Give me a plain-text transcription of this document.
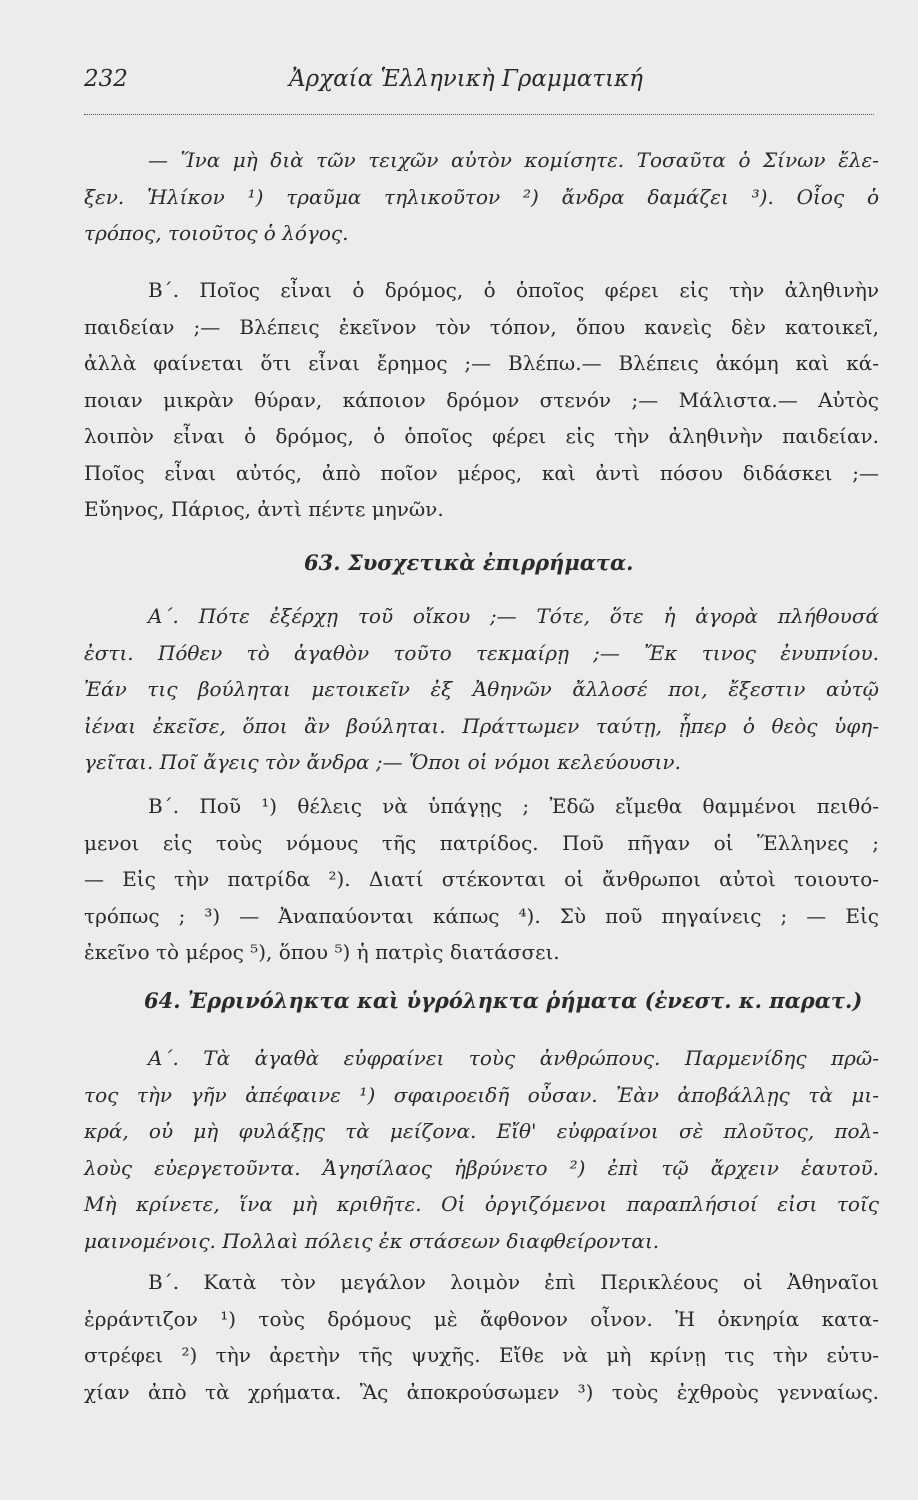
232	Ἀρχαία Ἑλληνικὴ Γραμματική
— Ἵνα μὴ διὰ τῶν τειχῶν αὐτὸν κομίσητε. Τοσαῦτα ὁ Σίνων ἔλε-
ξεν. Ἡλίκον ¹) τραῦμα τηλικοῦτον ²) ἄνδρα δαμάζει ³). Οἷος ὁ
τρόπος, τοιοῦτος ὁ λόγος.
Β΄. Ποῖος εἶναι ὁ δρόμος, ὁ ὁποῖος φέρει εἰς τὴν ἀληθινὴν
παιδείαν ;— Βλέπεις ἐκεῖνον τὸν τόπον, ὅπου κανεὶς δὲν κατοικεῖ,
ἀλλὰ φαίνεται ὅτι εἶναι ἔρημος ;— Βλέπω.— Βλέπεις ἀκόμη καὶ κά-
ποιαν μικρὰν θύραν, κάποιον δρόμον στενόν ;— Μάλιστα.— Αὐτὸς
λοιπὸν εἶναι ὁ δρόμος, ὁ ὁποῖος φέρει εἰς τὴν ἀληθινὴν παιδείαν.
Ποῖος εἶναι αὐτός, ἀπὸ ποῖον μέρος, καὶ ἀντὶ πόσου διδάσκει ;—
Εὔηνος, Πάριος, ἀντὶ πέντε μηνῶν.
63. Συσχετικὰ ἐπιρρήματα.
Α΄. Πότε ἐξέρχῃ τοῦ οἴκου ;— Τότε, ὅτε ἡ ἀγορὰ πλήθουσά
ἐστι. Πόθεν τὸ ἀγαθὸν τοῦτο τεκμαίρῃ ;— Ἔκ τινος ἐνυπνίου.
Ἐάν τις βούληται μετοικεῖν ἐξ Ἀθηνῶν ἄλλοσέ ποι, ἔξεστιν αὐτῷ
ἰέναι ἐκεῖσε, ὅποι ἂν βούληται. Πράττωμεν ταύτῃ, ᾗπερ ὁ θεὸς ὑφη-
γεῖται. Ποῖ ἄγεις τὸν ἄνδρα ;— Ὅποι οἱ νόμοι κελεύουσιν.
Β΄. Ποῦ ¹) θέλεις νὰ ὑπάγῃς ; Ἐδῶ εἴμεθα θαμμένοι πειθό-
μενοι εἰς τοὺς νόμους τῆς πατρίδος. Ποῦ πῆγαν οἱ Ἕλληνες ;
— Εἰς τὴν πατρίδα ²). Διατί στέκονται οἱ ἄνθρωποι αὐτοὶ τοιουτο-
τρόπως ; ³) — Ἀναπαύονται κάπως ⁴). Σὺ ποῦ πηγαίνεις ; — Εἰς
ἐκεῖνο τὸ μέρος ⁵), ὅπου ⁵) ἡ πατρὶς διατάσσει.
64. Ἐρρινόληκτα καὶ ὑγρόληκτα ῥήματα (ἐνεστ. κ. παρατ.)
Α΄. Τὰ ἀγαθὰ εὐφραίνει τοὺς ἀνθρώπους. Παρμενίδης πρῶ-
τος τὴν γῆν ἀπέφαινε ¹) σφαιροειδῆ οὖσαν. Ἐὰν ἀποβάλλῃς τὰ μι-
κρά, οὐ μὴ φυλάξῃς τὰ μείζονα. Εἴθ' εὐφραίνοι σὲ πλοῦτος, πολ-
λοὺς εὐεργετοῦντα. Ἀγησίλαος ἠβρύνετο ²) ἐπὶ τῷ ἄρχειν ἑαυτοῦ.
Μὴ κρίνετε, ἵνα μὴ κριθῆτε. Οἱ ὀργιζόμενοι παραπλήσιοί εἰσι τοῖς
μαινομένοις. Πολλαὶ πόλεις ἐκ στάσεων διαφθείρονται.
Β΄. Κατὰ τὸν μεγάλον λοιμὸν ἐπὶ Περικλέους οἱ Ἀθηναῖοι
ἐρράντιζον ¹) τοὺς δρόμους μὲ ἄφθονον οἶνον. Ἡ ὀκνηρία κατα-
στρέφει ²) τὴν ἀρετὴν τῆς ψυχῆς. Εἴθε νὰ μὴ κρίνῃ τις τὴν εὐτυ-
χίαν ἀπὸ τὰ χρήματα. Ἂς ἀποκρούσωμεν ³) τοὺς ἐχθροὺς γενναίως.
